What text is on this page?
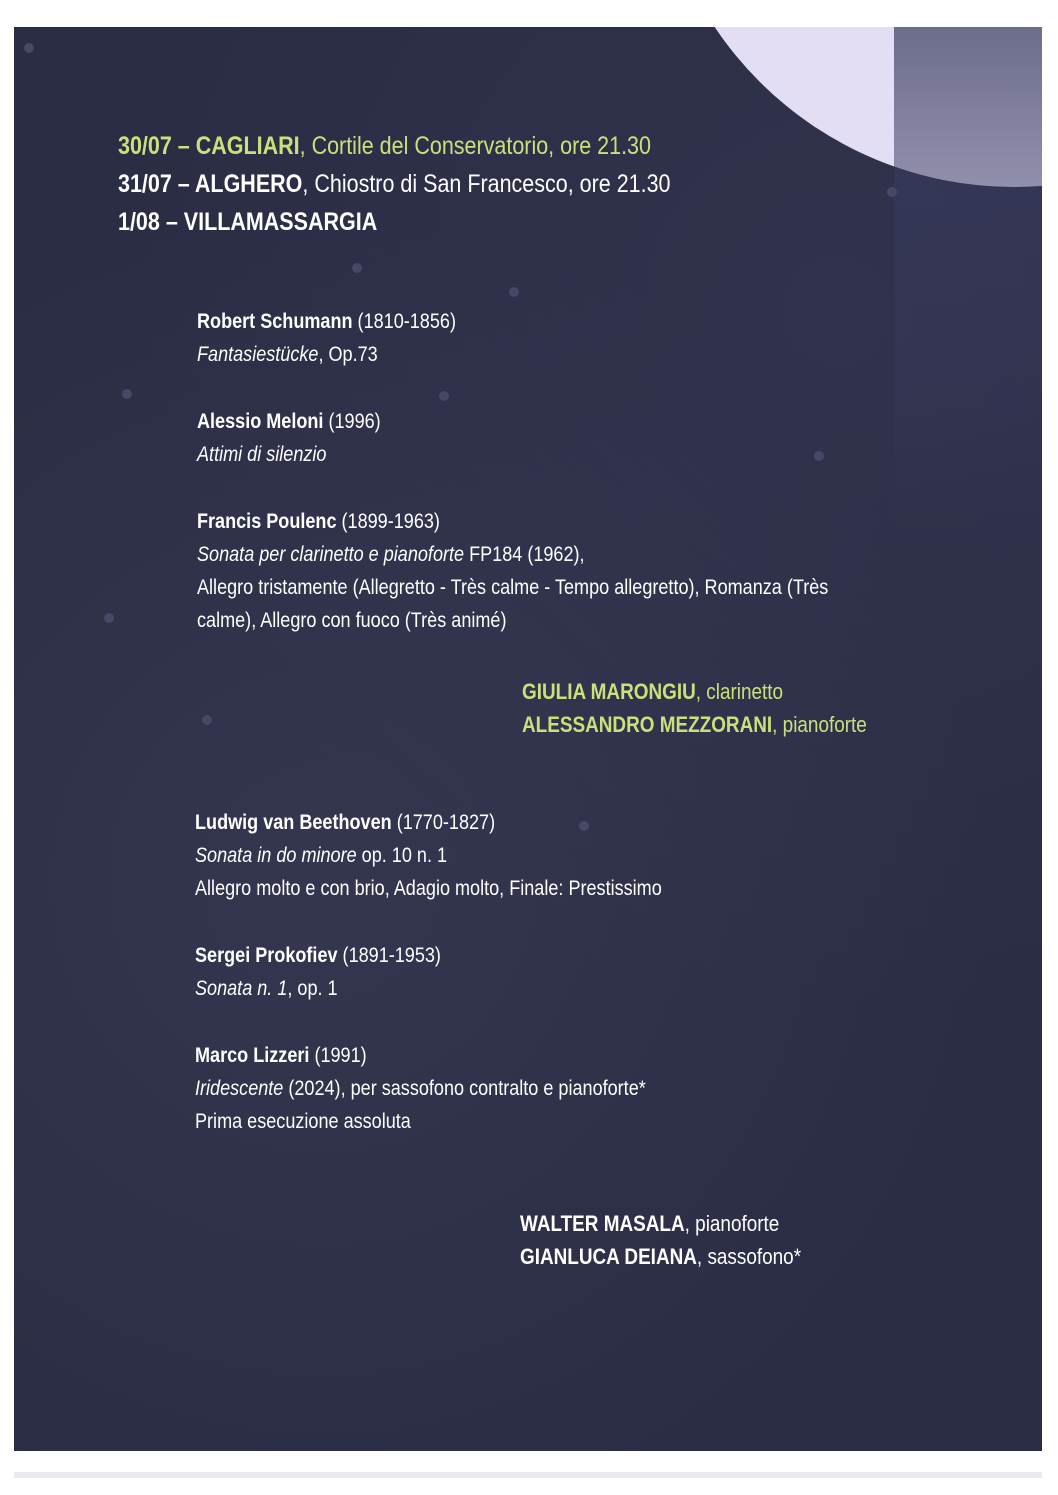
30/07 – CAGLIARI, Cortile del Conservatorio, ore 21.30
31/07 – ALGHERO, Chiostro di San Francesco, ore 21.30
1/08 – VILLAMASSARGIA
Robert Schumann (1810-1856)
Fantasiestücke, Op.73
Alessio Meloni (1996)
Attimi di silenzio
Francis Poulenc (1899-1963)
Sonata per clarinetto e pianoforte FP184 (1962),
Allegro tristamente (Allegretto - Très calme - Tempo allegretto), Romanza (Très
calme), Allegro con fuoco (Très animé)
GIULIA MARONGIU, clarinetto
ALESSANDRO MEZZORANI, pianoforte
Ludwig van Beethoven (1770-1827)
Sonata in do minore op. 10 n. 1
Allegro molto e con brio, Adagio molto, Finale: Prestissimo
Sergei Prokofiev (1891-1953)
Sonata n. 1, op. 1
Marco Lizzeri (1991)
Iridescente (2024), per sassofono contralto e pianoforte*
Prima esecuzione assoluta
WALTER MASALA, pianoforte
GIANLUCA DEIANA, sassofono*
